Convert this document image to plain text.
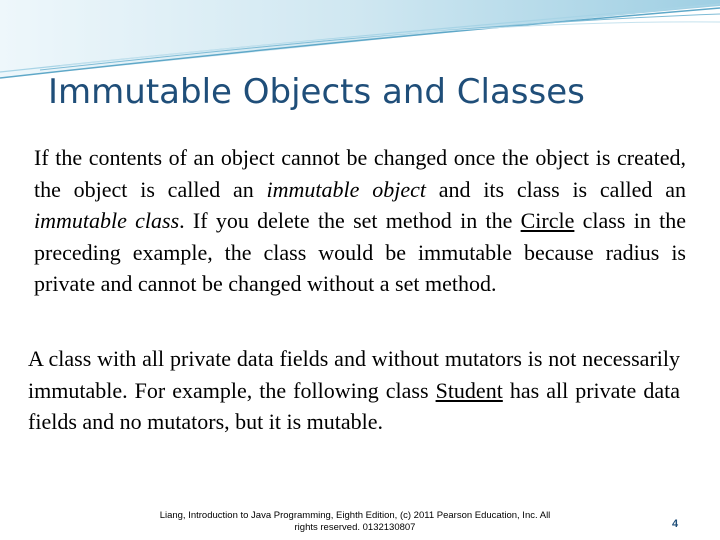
Immutable Objects and Classes

If the contents of an object cannot be changed once the object is created, the object is called an immutable object and its class is called an immutable class. If you delete the set method in the Circle class in the preceding example, the class would be immutable because radius is private and cannot be changed without a set method.

A class with all private data fields and without mutators is not necessarily immutable. For example, the following class Student has all private data fields and no mutators, but it is mutable.

Liang, Introduction to Java Programming, Eighth Edition, (c) 2011 Pearson Education, Inc. All
rights reserved. 0132130807	4
